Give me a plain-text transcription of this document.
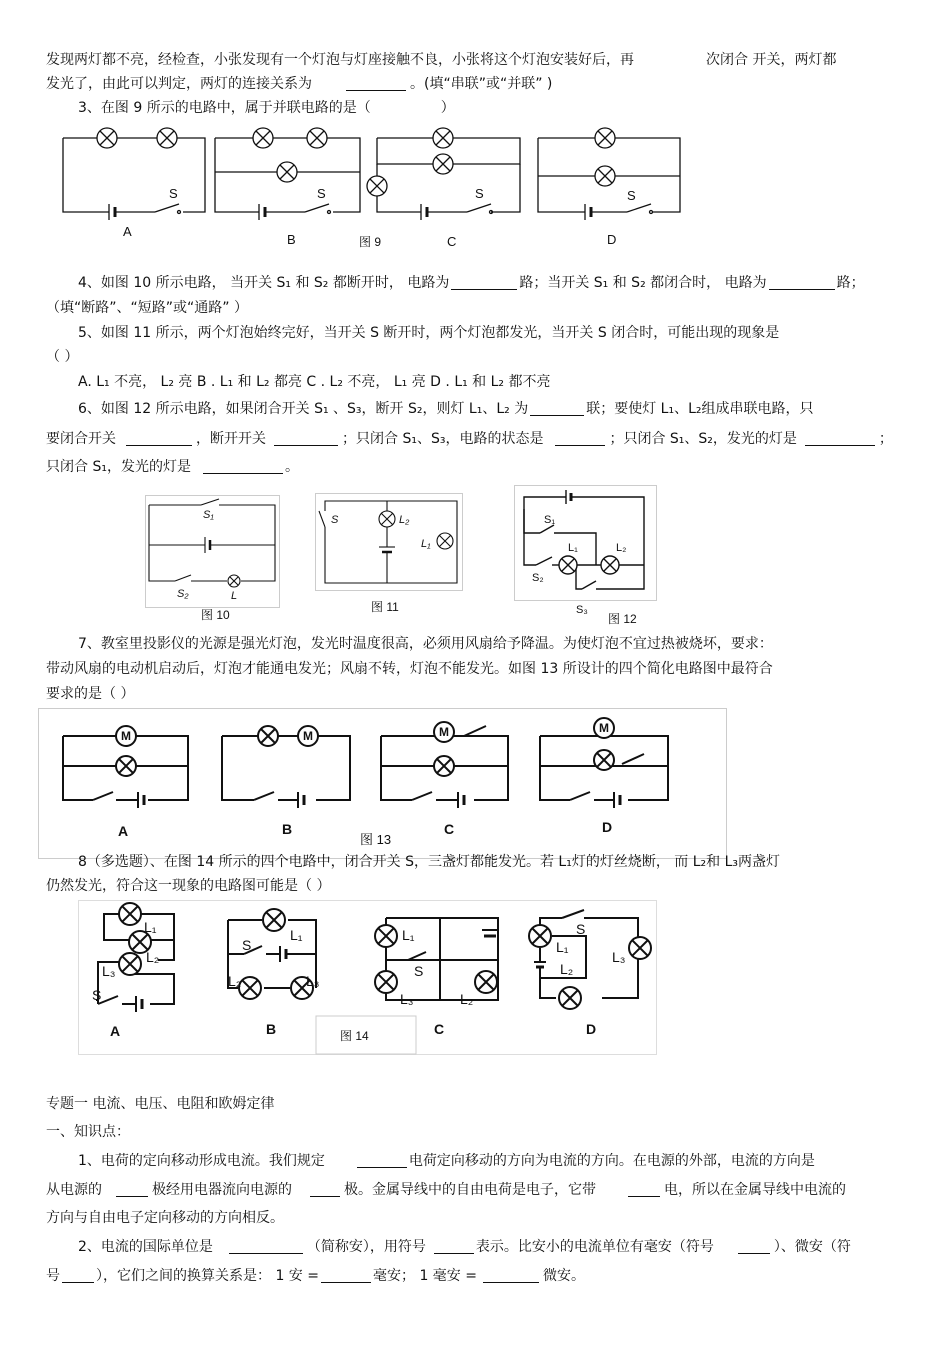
发现两灯都不亮，经检查，小张发现有一个灯泡与灯座接触不良，小张将这个灯泡安装好后，再	次闭合 开关，两灯都
发光了，由此可以判定，两灯的连接关系为	。(填“串联”或“并联” )
3、在图 9 所示的电路中，属于并联电路的是（	）
S	S	S	S
A
B	图 9	C	D
4、如图 10 所示电路， 当开关 S₁ 和 S₂ 都断开时， 电路为	路；当开关 S₁ 和 S₂ 都闭合时， 电路为	路；
（填“断路”、“短路”或“通路” ）
5、如图 11 所示，两个灯泡始终完好，当开关 S 断开时，两个灯泡都发光，当开关 S 闭合时，可能出现的现象是
（ ）
A. L₁ 不亮， L₂ 亮 B . L₁ 和 L₂ 都亮 C . L₂ 不亮， L₁ 亮 D . L₁ 和 L₂ 都不亮
6、如图 12 所示电路，如果闭合开关 S₁ 、S₃，断开 S₂，则灯 L₁、L₂ 为	联；要使灯 L₁、L₂组成串联电路，只
要闭合开关	，断开开关	；只闭合 S₁、S₃，电路的状态是	；只闭合 S₁、S₂，发光的灯是	；
只闭合 S₁，发光的灯是	。
S₁
S₂	L
图 10
S	L₂
L₁
图 11
S₁
S₂
S₃
L₁	L₂
图 12
7、教室里投影仪的光源是强光灯泡，发光时温度很高，必须用风扇给予降温。为使灯泡不宜过热被烧坏，要求：
带动风扇的电动机启动后，灯泡才能通电发光；风扇不转，灯泡不能发光。如图 13 所设计的四个简化电路图中最符合
要求的是（ ）
M	M	M	M
A	B	C	D
图 13
8（多选题）、在图 14 所示的四个电路中，闭合开关 S，三盏灯都能发光。若 L₁灯的灯丝烧断， 而 L₂和 L₃两盏灯
仍然发光，符合这一现象的电路图可能是（ ）
L₁
L₂
L₃
S
L₁
S
L₂	L₃
L₁
S
L₃	L₂
S
L₁
L₂
L₃
A	B	C	D
图 14
专题一 电流、电压、电阻和欧姆定律
一、知识点：
1、电荷的定向移动形成电流。我们规定	电荷定向移动的方向为电流的方向。在电源的外部，电流的方向是
从电源的	极经用电器流向电源的	极。金属导线中的自由电荷是电子，它带	电，所以在金属导线中电流的
方向与自由电子定向移动的方向相反。
2、电流的国际单位是	（简称安），用符号	表示。比安小的电流单位有毫安（符号	）、微安（符
号	），它们之间的换算关系是： 1 安 =	毫安； 1 毫安 =	微安。
